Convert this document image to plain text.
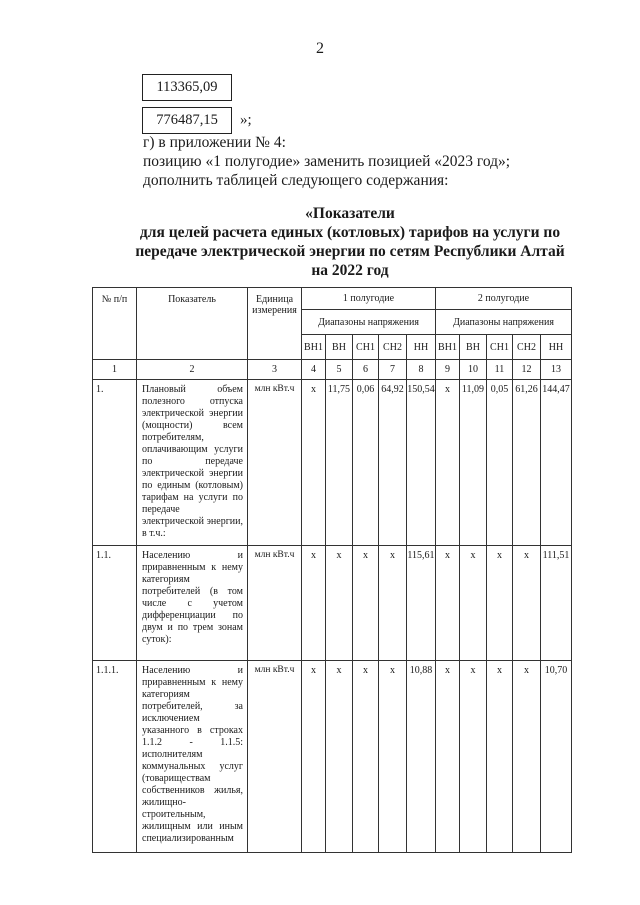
2
113365,09
776487,15	»;
г) в приложении № 4:
позицию «1 полугодие» заменить позицией «2023 год»;
дополнить таблицей следующего содержания:
«Показатели
для целей расчета единых (котловых) тарифов на услуги по
передаче электрической энергии по сетям Республики Алтай
на 2022 год
№ п/п	Показатель	Единица измерения	1 полугодие					2 полугодие				
			Диапазоны напряжения					Диапазоны напряжения				
			ВН1	ВН	СН1	СН2	НН	ВН1	ВН	СН1	СН2	НН
1	2	3	4	5	6	7	8	9	10	11	12	13
1.	Плановый объем полезного отпуска электрической энергии (мощности) всем потребителям, оплачивающим услуги по передаче электрической энергии по единым (котловым) тарифам на услуги по передаче электрической энергии, в т.ч.:	млн кВт.ч	х	11,75	0,06	64,92	150,54	х	11,09	0,05	61,26	144,47
1.1.	Населению и приравненным к нему категориям потребителей (в том числе с учетом дифференциации по двум и по трем зонам суток):	млн кВт.ч	х	х	х	х	115,61	х	х	х	х	111,51
1.1.1.	Населению и приравненным к нему категориям потребителей, за исключением указанного в строках 1.1.2 - 1.1.5: исполнителям коммунальных услуг (товариществам собственников жилья, жилищно-строительным, жилищным или иным специализированным	млн кВт.ч	х	х	х	х	10,88	х	х	х	х	10,70
